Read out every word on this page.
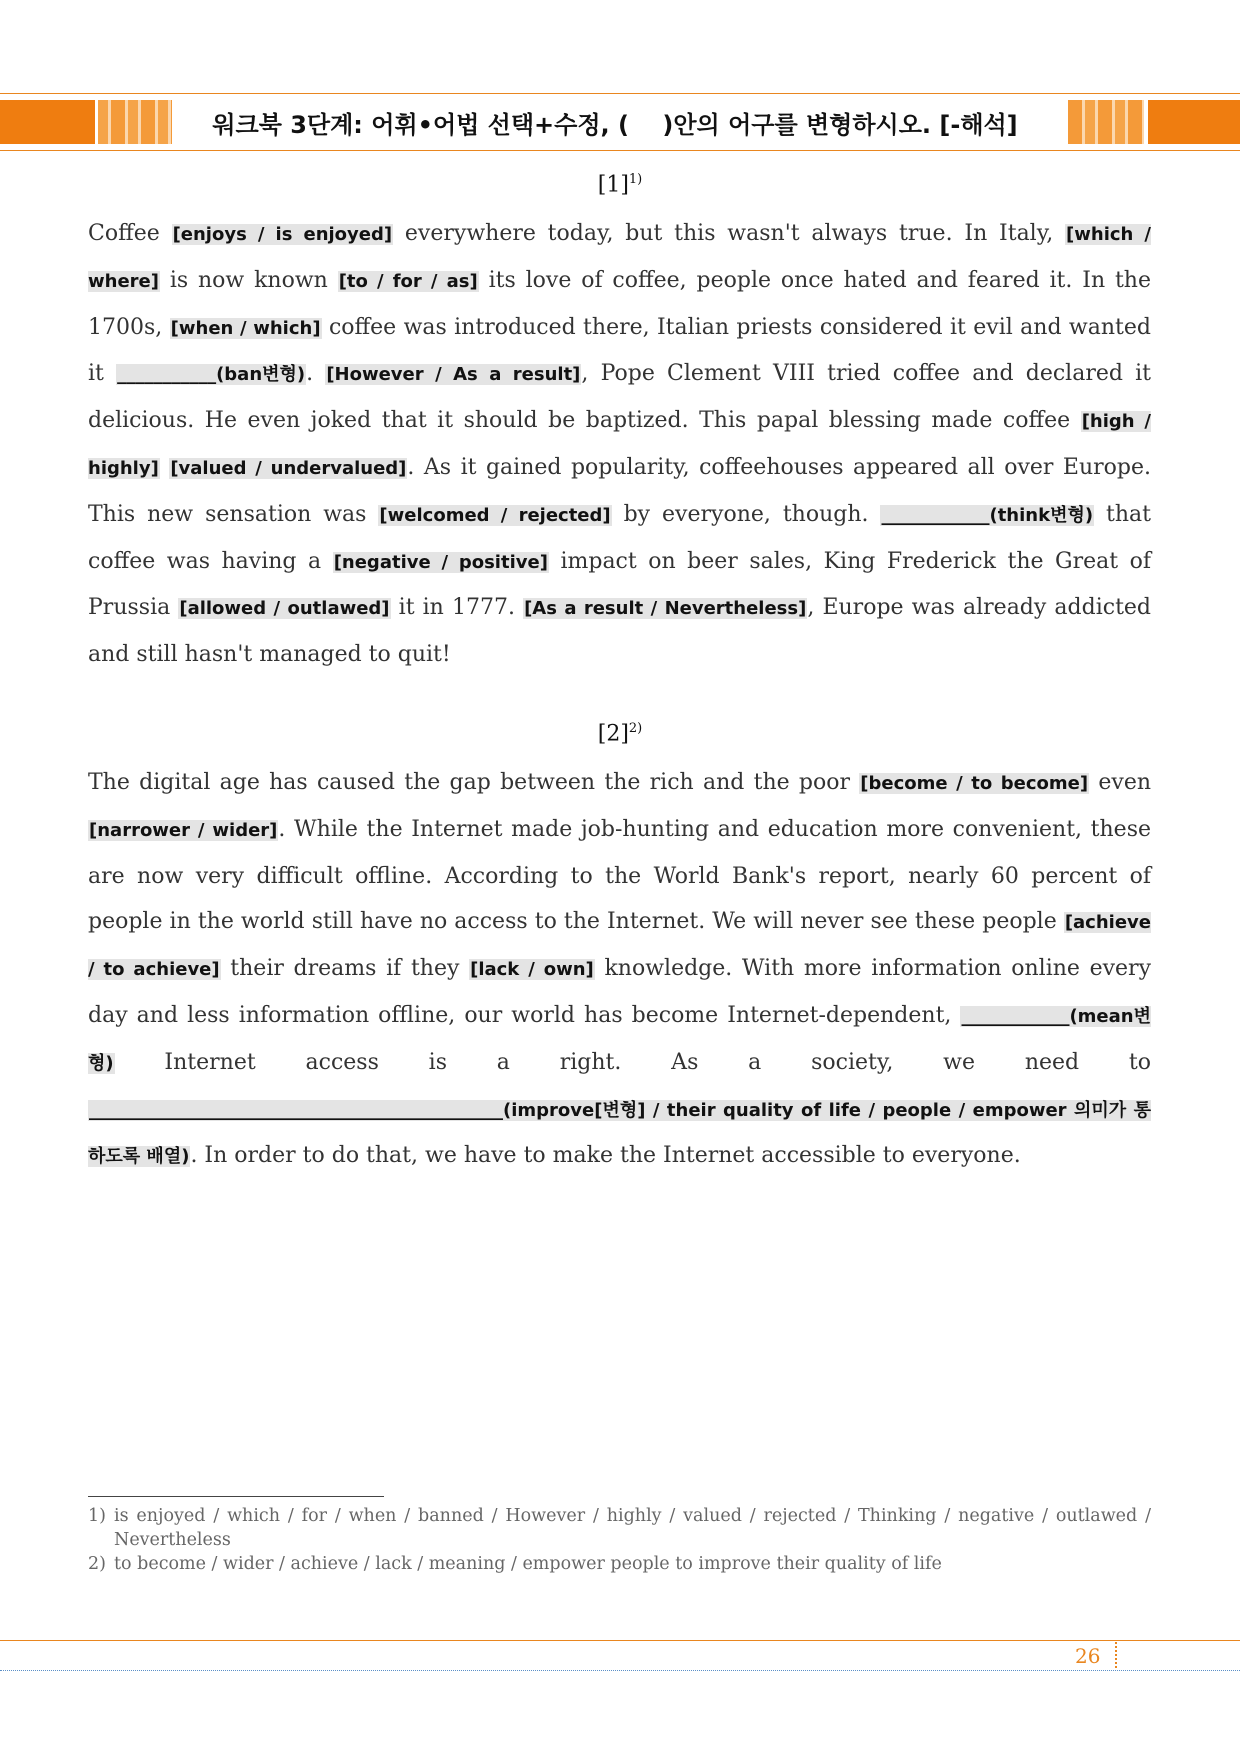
워크북 3단계: 어휘•어법 선택+수정, (    )안의 어구를 변형하시오. [-해석]
$[1]^{1)}$

Coffee [enjoys / is enjoyed] everywhere today, but this wasn't always true. In Italy, [which / where] is now known [to / for / as] its love of coffee, people once hated and feared it. In the 1700s, [when / which] coffee was introduced there, Italian priests considered it evil and wanted it ___________(ban변형). [However / As a result], Pope Clement VIII tried coffee and declared it delicious. He even joked that it should be baptized. This papal blessing made coffee [high / highly] [valued / undervalued]. As it gained popularity, coffeehouses appeared all over Europe. This new sensation was [welcomed / rejected] by everyone, though. ____________(think변형) that coffee was having a [negative / positive] impact on beer sales, King Frederick the Great of Prussia [allowed / outlawed] it in 1777. [As a result / Nevertheless], Europe was already addicted and still hasn't managed to quit!

$[2]^{2)}$

The digital age has caused the gap between the rich and the poor [become / to become] even [narrower / wider]. While the Internet made job-hunting and education more convenient, these are now very difficult offline. According to the World Bank's report, nearly 60 percent of people in the world still have no access to the Internet. We will never see these people [achieve / to achieve] their dreams if they [lack / own] knowledge. With more information online every day and less information offline, our world has become Internet-dependent, ____________(mean변형) Internet access is a right. As a society, we need to ______________________________________________(improve[변형] / their quality of life / people / empower 의미가 통하도록 배열). In order to do that, we have to make the Internet accessible to everyone.

1) is enjoyed / which / for / when / banned / However / highly / valued / rejected / Thinking / negative / outlawed / Nevertheless
2) to become / wider / achieve / lack / meaning / empower people to improve their quality of life
26
